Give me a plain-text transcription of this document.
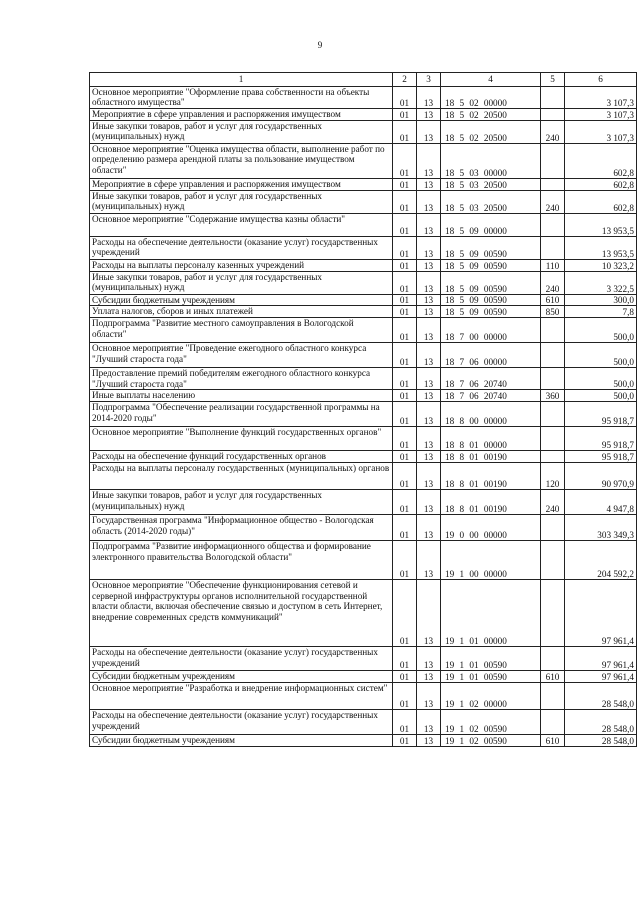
9
1	2	3	4	5	6
Основное мероприятие "Оформление права собственности на объекты областного имущества"	01	13	18 5 02 00000		3 107,3
Мероприятие в сфере управления и распоряжения имуществом	01	13	18 5 02 20500		3 107,3
Иные закупки товаров, работ и услуг для государственных (муниципальных) нужд	01	13	18 5 02 20500	240	3 107,3
Основное мероприятие "Оценка имущества области, выполнение работ по определению размера арендной платы за пользование имуществом области"	01	13	18 5 03 00000		602,8
Мероприятие в сфере управления и распоряжения имуществом	01	13	18 5 03 20500		602,8
Иные закупки товаров, работ и услуг для государственных (муниципальных) нужд	01	13	18 5 03 20500	240	602,8
Основное мероприятие "Содержание имущества казны области"	01	13	18 5 09 00000		13 953,5
Расходы на обеспечение деятельности (оказание услуг) государственных учреждений	01	13	18 5 09 00590		13 953,5
Расходы на выплаты персоналу казенных учреждений	01	13	18 5 09 00590	110	10 323,2
Иные закупки товаров, работ и услуг для государственных (муниципальных) нужд	01	13	18 5 09 00590	240	3 322,5
Субсидии бюджетным учреждениям	01	13	18 5 09 00590	610	300,0
Уплата налогов, сборов и иных платежей	01	13	18 5 09 00590	850	7,8
Подпрограмма "Развитие местного самоуправления в Вологодской области"	01	13	18 7 00 00000		500,0
Основное мероприятие "Проведение ежегодного областного конкурса "Лучший староста года"	01	13	18 7 06 00000		500,0
Предоставление премий победителям ежегодного областного конкурса "Лучший староста года"	01	13	18 7 06 20740		500,0
Иные выплаты населению	01	13	18 7 06 20740	360	500,0
Подпрограмма "Обеспечение реализации государственной программы на 2014-2020 годы"	01	13	18 8 00 00000		95 918,7
Основное мероприятие "Выполнение функций государственных органов"	01	13	18 8 01 00000		95 918,7
Расходы на обеспечение функций государственных органов	01	13	18 8 01 00190		95 918,7
Расходы на выплаты персоналу государственных (муниципальных) органов	01	13	18 8 01 00190	120	90 970,9
Иные закупки товаров, работ и услуг для государственных (муниципальных) нужд	01	13	18 8 01 00190	240	4 947,8
Государственная программа "Информационное общество - Вологодская область (2014-2020 годы)"	01	13	19 0 00 00000		303 349,3
Подпрограмма "Развитие информационного общества и формирование электронного правительства Вологодской области"	01	13	19 1 00 00000		204 592,2
Основное мероприятие "Обеспечение функционирования сетевой и серверной инфраструктуры органов исполнительной государственной власти области, включая обеспечение связью и доступом в сеть Интернет, внедрение современных средств коммуникаций"	01	13	19 1 01 00000		97 961,4
Расходы на обеспечение деятельности (оказание услуг) государственных учреждений	01	13	19 1 01 00590		97 961,4
Субсидии бюджетным учреждениям	01	13	19 1 01 00590	610	97 961,4
Основное мероприятие "Разработка и внедрение информационных систем"	01	13	19 1 02 00000		28 548,0
Расходы на обеспечение деятельности (оказание услуг) государственных учреждений	01	13	19 1 02 00590		28 548,0
Субсидии бюджетным учреждениям	01	13	19 1 02 00590	610	28 548,0
